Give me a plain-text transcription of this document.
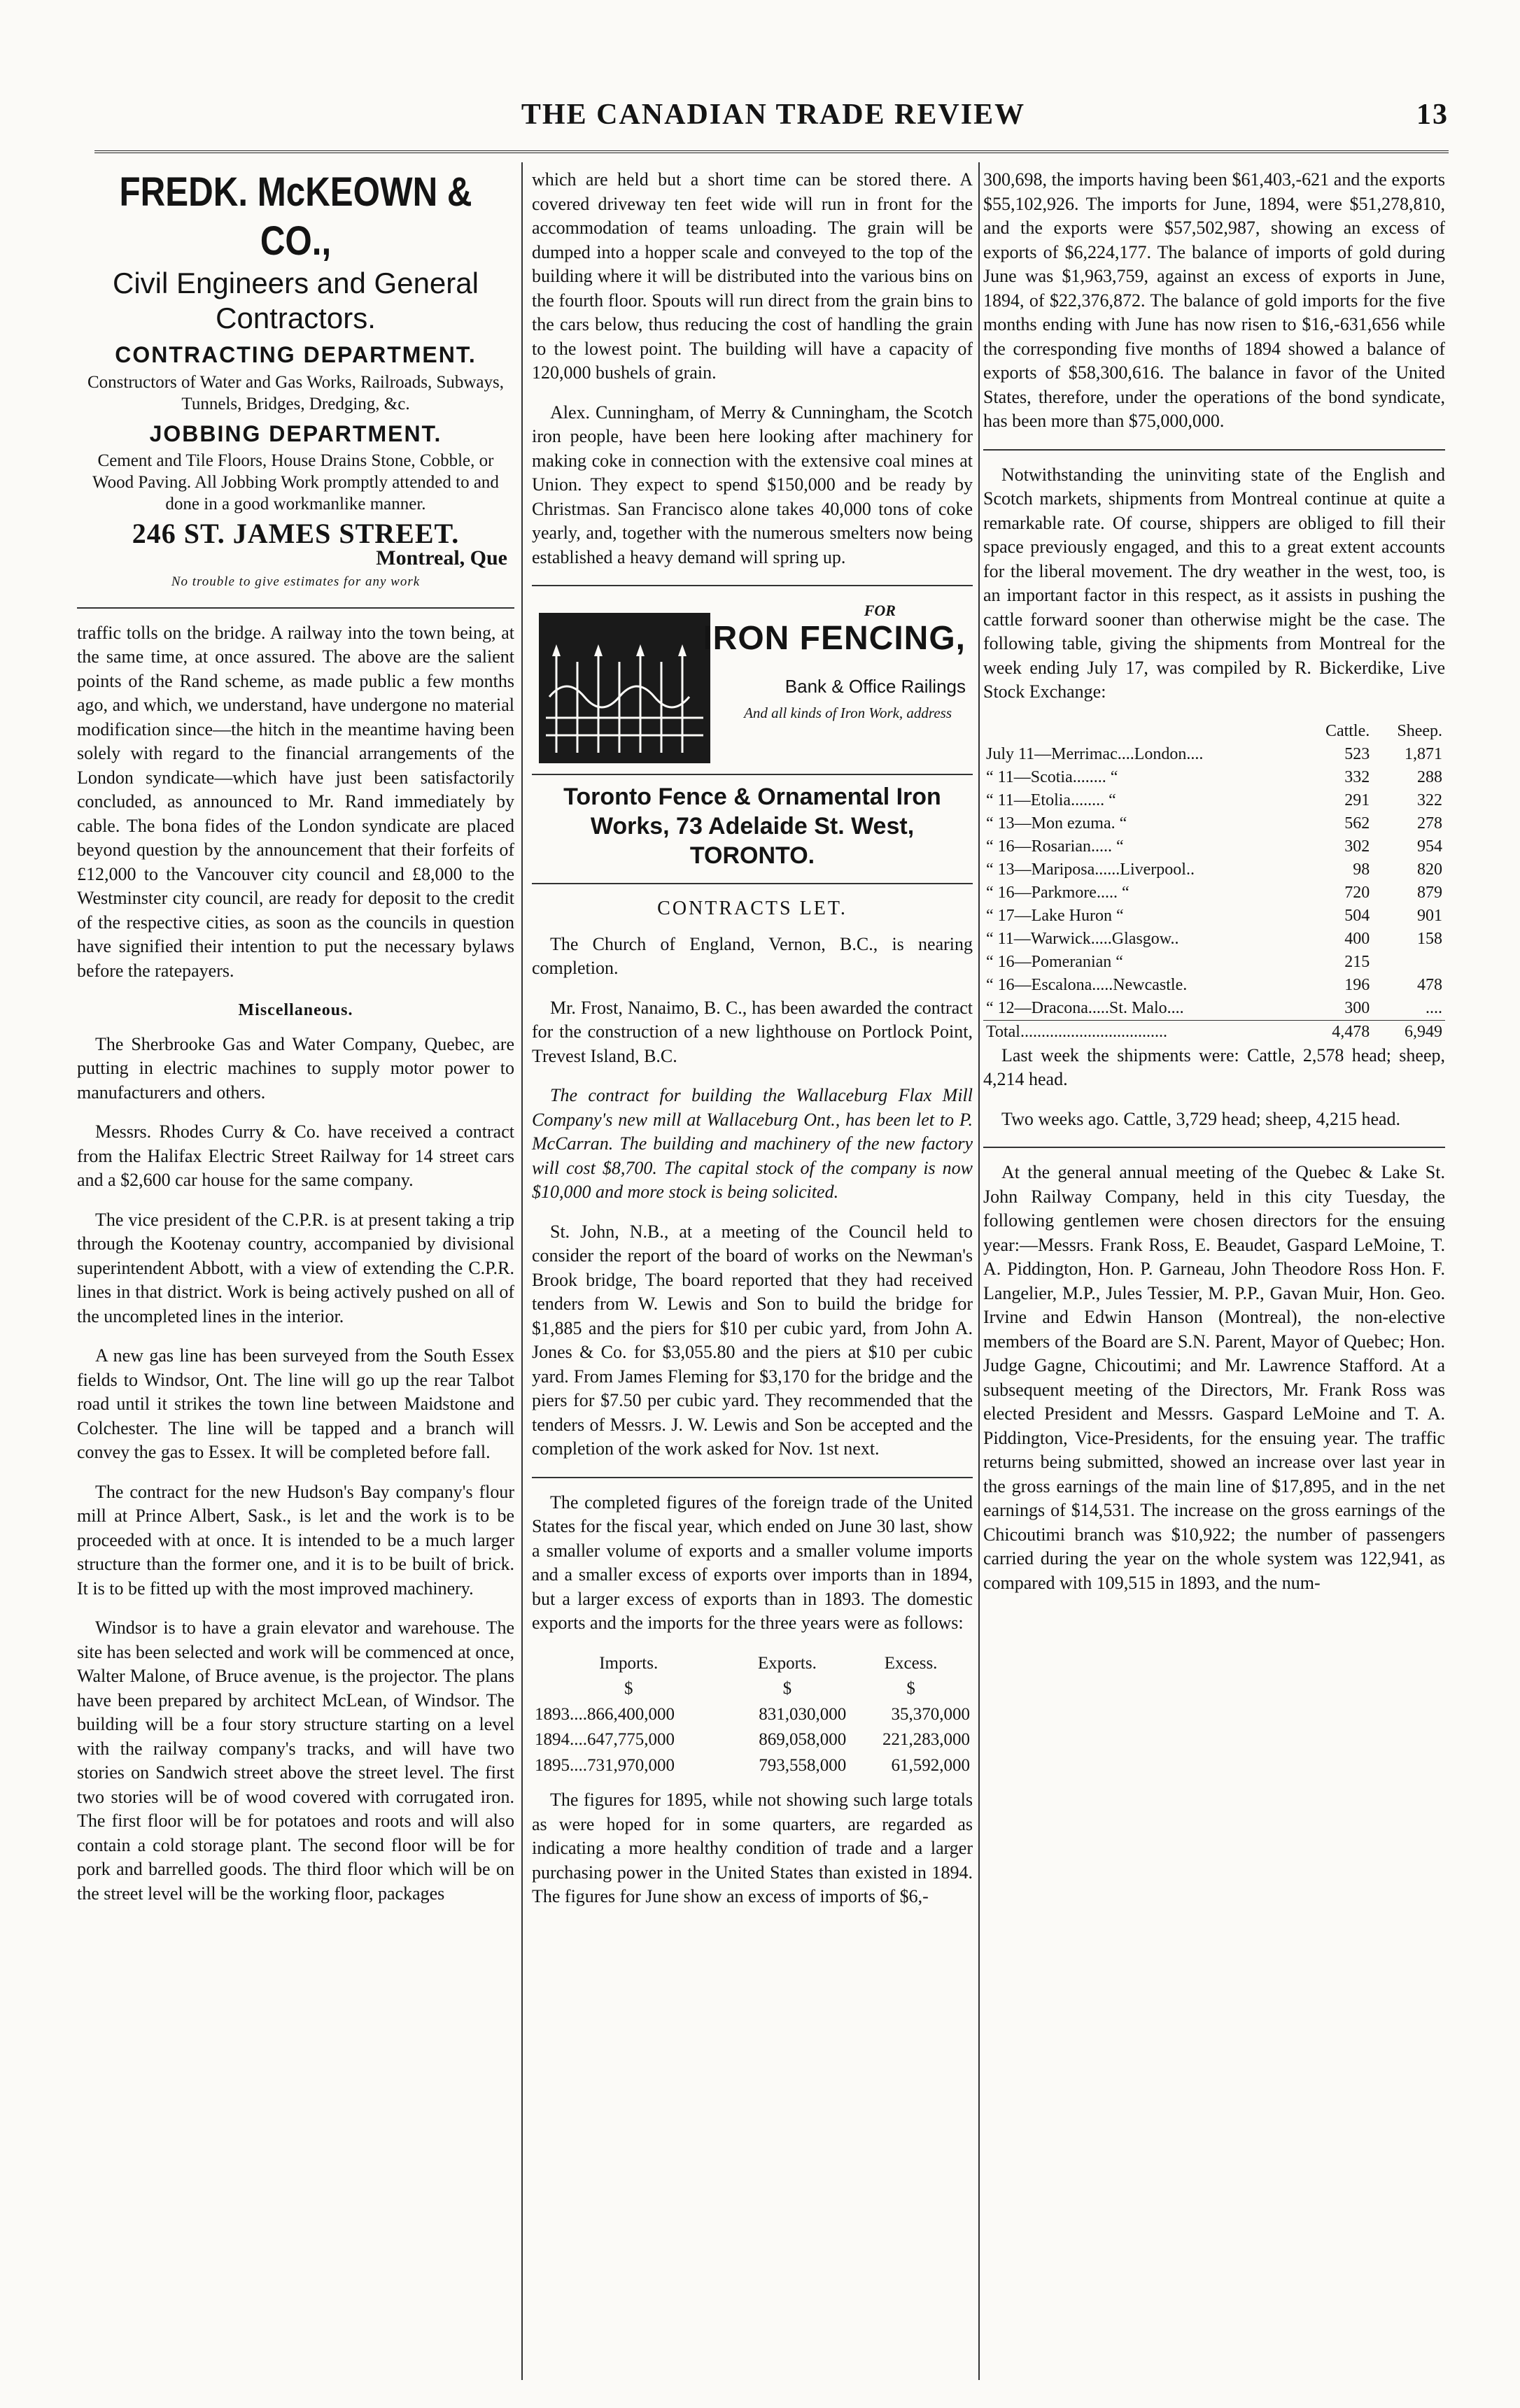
THE CANADIAN TRADE REVIEW	13
FREDK. McKEOWN & CO.,
Civil Engineers and General
Contractors.
CONTRACTING DEPARTMENT.
Constructors of Water and Gas Works, Railroads, Subways, Tunnels, Bridges, Dredging, &c.
JOBBING DEPARTMENT.
Cement and Tile Floors, House Drains Stone, Cobble, or Wood Paving. All Jobbing Work promptly attended to and done in a good workmanlike manner.
246 ST. JAMES STREET.
Montreal, Que
No trouble to give estimates for any work

traffic tolls on the bridge. A railway into the town being, at the same time, at once assured. The above are the salient points of the Rand scheme, as made public a few months ago, and which, we understand, have undergone no material modification since—the hitch in the meantime having been solely with regard to the financial arrangements of the London syndicate—which have just been satisfactorily concluded, as announced to Mr. Rand immediately by cable. The bona fides of the London syndicate are placed beyond question by the announcement that their forfeits of £12,000 to the Vancouver city council and £8,000 to the Westminster city council, are ready for deposit to the credit of the respective cities, as soon as the councils in question have signified their intention to put the necessary bylaws before the ratepayers.

Miscellaneous.

The Sherbrooke Gas and Water Company, Quebec, are putting in electric machines to supply motor power to manufacturers and others.

Messrs. Rhodes Curry & Co. have received a contract from the Halifax Electric Street Railway for 14 street cars and a $2,600 car house for the same company.

The vice president of the C.P.R. is at present taking a trip through the Kootenay country, accompanied by divisional superintendent Abbott, with a view of extending the C.P.R. lines in that district. Work is being actively pushed on all of the uncompleted lines in the interior.

A new gas line has been surveyed from the South Essex fields to Windsor, Ont. The line will go up the rear Talbot road until it strikes the town line between Maidstone and Colchester. The line will be tapped and a branch will convey the gas to Essex. It will be completed before fall.

The contract for the new Hudson's Bay company's flour mill at Prince Albert, Sask., is let and the work is to be proceeded with at once. It is intended to be a much larger structure than the former one, and it is to be built of brick. It is to be fitted up with the most improved machinery.

Windsor is to have a grain elevator and warehouse. The site has been selected and work will be commenced at once, Walter Malone, of Bruce avenue, is the projector. The plans have been prepared by architect McLean, of Windsor. The building will be a four story structure starting on a level with the railway company's tracks, and will have two stories on Sandwich street above the street level. The first two stories will be of wood covered with corrugated iron. The first floor will be for potatoes and roots and will also contain a cold storage plant. The second floor will be for pork and barrelled goods. The third floor which will be on the street level will be the working floor, packages

which are held but a short time can be stored there. A covered driveway ten feet wide will run in front for the accommodation of teams unloading. The grain will be dumped into a hopper scale and conveyed to the top of the building where it will be distributed into the various bins on the fourth floor. Spouts will run direct from the grain bins to the cars below, thus reducing the cost of handling the grain to the lowest point. The building will have a capacity of 120,000 bushels of grain.

Alex. Cunningham, of Merry & Cunningham, the Scotch iron people, have been here looking after machinery for making coke in connection with the extensive coal mines at Union. They expect to spend $150,000 and be ready by Christmas. San Francisco alone takes 40,000 tons of coke yearly, and, together with the numerous smelters now being established a heavy demand will spring up.

FOR
IRON FENCING,
Bank & Office Railings
And all kinds of Iron Work, address
Toronto Fence & Ornamental Iron Works, 73 Adelaide St. West, TORONTO.
CONTRACTS LET.

The Church of England, Vernon, B.C., is nearing completion.

Mr. Frost, Nanaimo, B. C., has been awarded the contract for the construction of a new lighthouse on Portlock Point, Trevest Island, B.C.

The contract for building the Wallaceburg Flax Mill Company's new mill at Wallaceburg Ont., has been let to P. McCarran. The building and machinery of the new factory will cost $8,700. The capital stock of the company is now $10,000 and more stock is being solicited.

St. John, N.B., at a meeting of the Council held to consider the report of the board of works on the Newman's Brook bridge, The board reported that they had received tenders from W. Lewis and Son to build the bridge for $1,885 and the piers for $10 per cubic yard, from John A. Jones & Co. for $3,055.80 and the piers at $10 per cubic yard. From James Fleming for $3,170 for the bridge and the piers for $7.50 per cubic yard. They recommended that the tenders of Messrs. J. W. Lewis and Son be accepted and the completion of the work asked for Nov. 1st next.

The completed figures of the foreign trade of the United States for the fiscal year, which ended on June 30 last, show a smaller volume of exports and a smaller volume imports and a smaller excess of exports over imports than in 1894, but a larger excess of exports than in 1893. The domestic exports and the imports for the three years were as follows:

Imports.	Exports.	Excess.
$	$	$
1893....866,400,000	831,030,000	35,370,000
1894....647,775,000	869,058,000	221,283,000
1895....731,970,000	793,558,000	61,592,000

The figures for 1895, while not showing such large totals as were hoped for in some quarters, are regarded as indicating a more healthy condition of trade and a larger purchasing power in the United States than existed in 1894. The figures for June show an excess of imports of $6,-

300,698, the imports having been $61,403,-621 and the exports $55,102,926. The imports for June, 1894, were $51,278,810, and the exports were $57,502,987, showing an excess of exports of $6,224,177. The balance of imports of gold during June was $1,963,759, against an excess of exports in June, 1894, of $22,376,872. The balance of gold imports for the five months ending with June has now risen to $16,-631,656 while the corresponding five months of 1894 showed a balance of exports of $58,300,616. The balance in favor of the United States, therefore, under the operations of the bond syndicate, has been more than $75,000,000.

Notwithstanding the uninviting state of the English and Scotch markets, shipments from Montreal continue at quite a remarkable rate. Of course, shippers are obliged to fill their space previously engaged, and this to a great extent accounts for the liberal movement. The dry weather in the west, too, is an important factor in this respect, as it assists in pushing the cattle forward sooner than otherwise might be the case. The following table, giving the shipments from Montreal for the week ending July 17, was compiled by R. Bickerdike, Live Stock Exchange:

	Cattle.	Sheep.
July 11—Merrimac....London....	523	1,871
“ 11—Scotia........ “	332	288
“ 11—Etolia........ “	291	322
“ 13—Mon ezuma. “	562	278
“ 16—Rosarian..... “	302	954
“ 13—Mariposa......Liverpool..	98	820
“ 16—Parkmore..... “	720	879
“ 17—Lake Huron “	504	901
“ 11—Warwick.....Glasgow..	400	158
“ 16—Pomeranian “	215	
“ 16—Escalona.....Newcastle.	196	478
“ 12—Dracona.....St. Malo....	300	....
Total...................................	4,478	6,949

Last week the shipments were: Cattle, 2,578 head; sheep, 4,214 head.

Two weeks ago. Cattle, 3,729 head; sheep, 4,215 head.

At the general annual meeting of the Quebec & Lake St. John Railway Company, held in this city Tuesday, the following gentlemen were chosen directors for the ensuing year:—Messrs. Frank Ross, E. Beaudet, Gaspard LeMoine, T. A. Piddington, Hon. P. Garneau, John Theodore Ross Hon. F. Langelier, M.P., Jules Tessier, M. P.P., Gavan Muir, Hon. Geo. Irvine and Edwin Hanson (Montreal), the non-elective members of the Board are S.N. Parent, Mayor of Quebec; Hon. Judge Gagne, Chicoutimi; and Mr. Lawrence Stafford. At a subsequent meeting of the Directors, Mr. Frank Ross was elected President and Messrs. Gaspard LeMoine and T. A. Piddington, Vice-Presidents, for the ensuing year. The traffic returns being submitted, showed an increase over last year in the gross earnings of the main line of $17,895, and in the net earnings of $14,531. The increase on the gross earnings of the Chicoutimi branch was $10,922; the number of passengers carried during the year on the whole system was 122,941, as compared with 109,515 in 1893, and the num-
